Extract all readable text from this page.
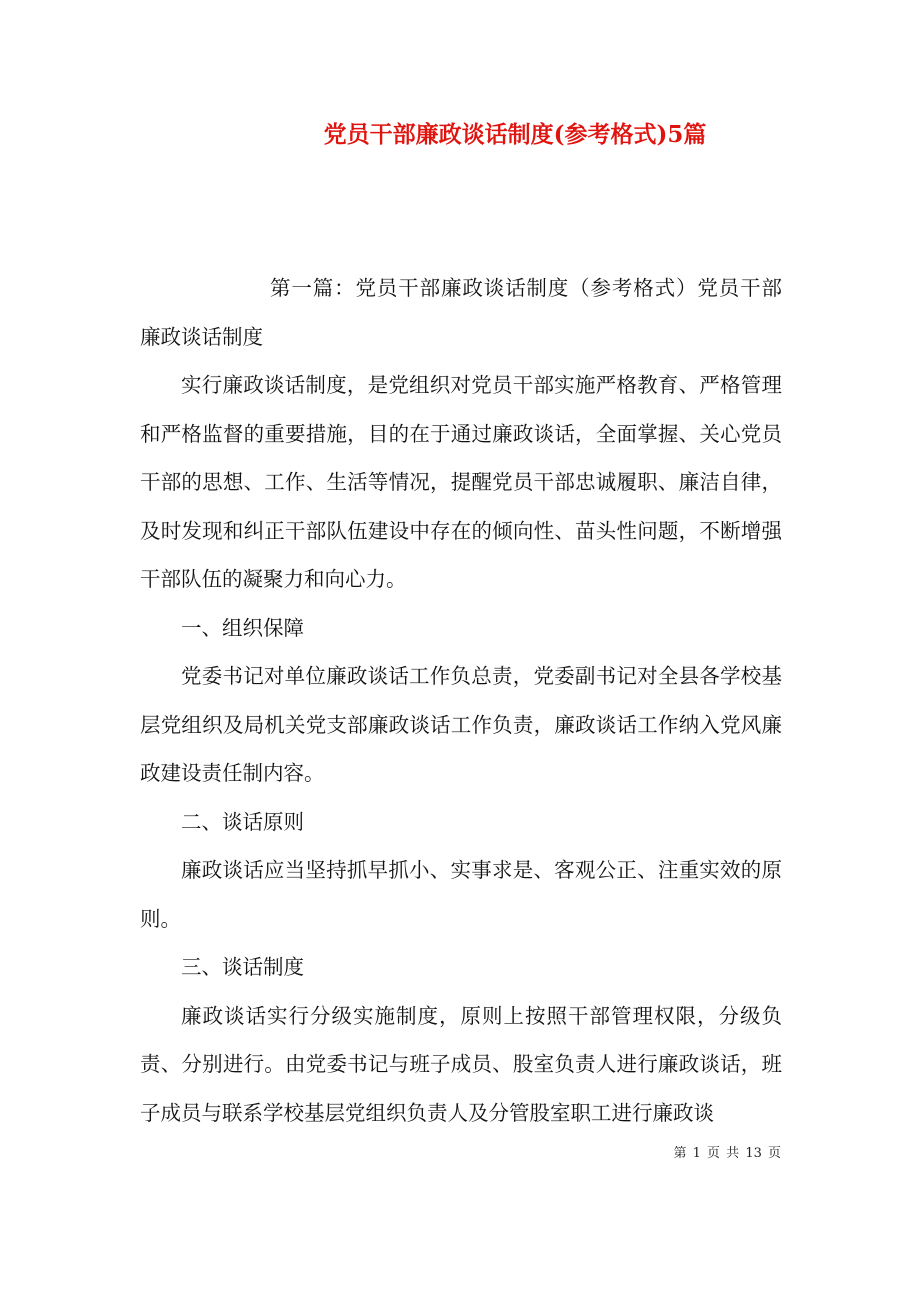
党员干部廉政谈话制度(参考格式)5篇

第一篇：党员干部廉政谈话制度（参考格式）党员干部廉政谈话制度

实行廉政谈话制度，是党组织对党员干部实施严格教育、严格管理和严格监督的重要措施，目的在于通过廉政谈话，全面掌握、关心党员干部的思想、工作、生活等情况，提醒党员干部忠诚履职、廉洁自律，及时发现和纠正干部队伍建设中存在的倾向性、苗头性问题，不断增强干部队伍的凝聚力和向心力。

一、组织保障

党委书记对单位廉政谈话工作负总责，党委副书记对全县各学校基层党组织及局机关党支部廉政谈话工作负责，廉政谈话工作纳入党风廉政建设责任制内容。

二、谈话原则

廉政谈话应当坚持抓早抓小、实事求是、客观公正、注重实效的原则。

三、谈话制度

廉政谈话实行分级实施制度，原则上按照干部管理权限，分级负责、分别进行。由党委书记与班子成员、股室负责人进行廉政谈话，班子成员与联系学校基层党组织负责人及分管股室职工进行廉政谈

第 1 页 共 13 页
